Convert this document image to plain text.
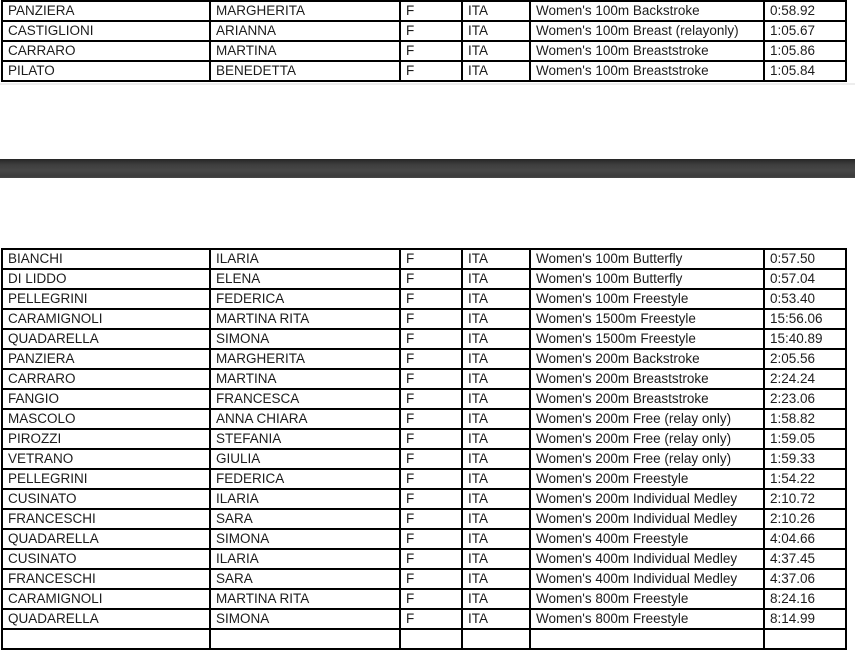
PANZIERA	MARGHERITA	F	ITA	Women's 100m Backstroke	0:58.92
CASTIGLIONI	ARIANNA	F	ITA	Women's 100m Breast (relayonly)	1:05.67
CARRARO	MARTINA	F	ITA	Women's 100m Breaststroke	1:05.86
PILATO	BENEDETTA	F	ITA	Women's 100m Breaststroke	1:05.84
BIANCHI	ILARIA	F	ITA	Women's 100m Butterfly	0:57.50
DI LIDDO	ELENA	F	ITA	Women's 100m Butterfly	0:57.04
PELLEGRINI	FEDERICA	F	ITA	Women's 100m Freestyle	0:53.40
CARAMIGNOLI	MARTINA RITA	F	ITA	Women's 1500m Freestyle	15:56.06
QUADARELLA	SIMONA	F	ITA	Women's 1500m Freestyle	15:40.89
PANZIERA	MARGHERITA	F	ITA	Women's 200m Backstroke	2:05.56
CARRARO	MARTINA	F	ITA	Women's 200m Breaststroke	2:24.24
FANGIO	FRANCESCA	F	ITA	Women's 200m Breaststroke	2:23.06
MASCOLO	ANNA CHIARA	F	ITA	Women's 200m Free (relay only)	1:58.82
PIROZZI	STEFANIA	F	ITA	Women's 200m Free (relay only)	1:59.05
VETRANO	GIULIA	F	ITA	Women's 200m Free (relay only)	1:59.33
PELLEGRINI	FEDERICA	F	ITA	Women's 200m Freestyle	1:54.22
CUSINATO	ILARIA	F	ITA	Women's 200m Individual Medley	2:10.72
FRANCESCHI	SARA	F	ITA	Women's 200m Individual Medley	2:10.26
QUADARELLA	SIMONA	F	ITA	Women's 400m Freestyle	4:04.66
CUSINATO	ILARIA	F	ITA	Women's 400m Individual Medley	4:37.45
FRANCESCHI	SARA	F	ITA	Women's 400m Individual Medley	4:37.06
CARAMIGNOLI	MARTINA RITA	F	ITA	Women's 800m Freestyle	8:24.16
QUADARELLA	SIMONA	F	ITA	Women's 800m Freestyle	8:14.99
